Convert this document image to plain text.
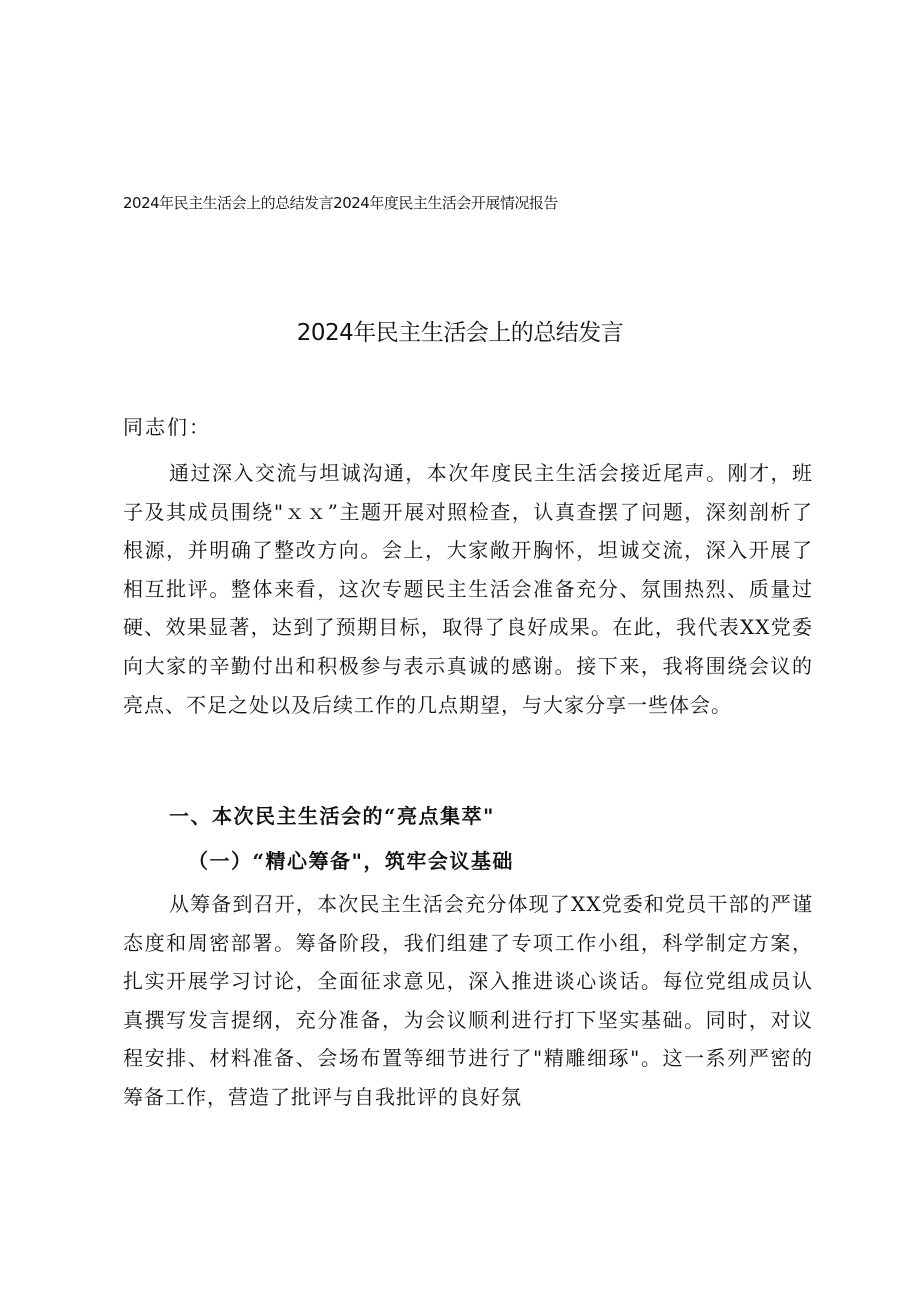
2024年民主生活会上的总结发言2024年度民主生活会开展情况报告
2024年民主生活会上的总结发言
同志们：
通过深入交流与坦诚沟通，本次年度民主生活会接近尾声。刚才，班子及其成员围绕"ｘｘ”主题开展对照检查，认真查摆了问题，深刻剖析了根源，并明确了整改方向。会上，大家敞开胸怀，坦诚交流，深入开展了相互批评。整体来看，这次专题民主生活会准备充分、氛围热烈、质量过硬、效果显著，达到了预期目标，取得了良好成果。在此，我代表XX党委向大家的辛勤付出和积极参与表示真诚的感谢。接下来，我将围绕会议的亮点、不足之处以及后续工作的几点期望，与大家分享一些体会。
一、本次民主生活会的“亮点集萃"
（一）“精心筹备"，筑牢会议基础
从筹备到召开，本次民主生活会充分体现了XX党委和党员干部的严谨态度和周密部署。筹备阶段，我们组建了专项工作小组，科学制定方案，扎实开展学习讨论，全面征求意见，深入推进谈心谈话。每位党组成员认真撰写发言提纲，充分准备，为会议顺利进行打下坚实基础。同时，对议程安排、材料准备、会场布置等细节进行了"精雕细琢"。这一系列严密的筹备工作，营造了批评与自我批评的良好氛
